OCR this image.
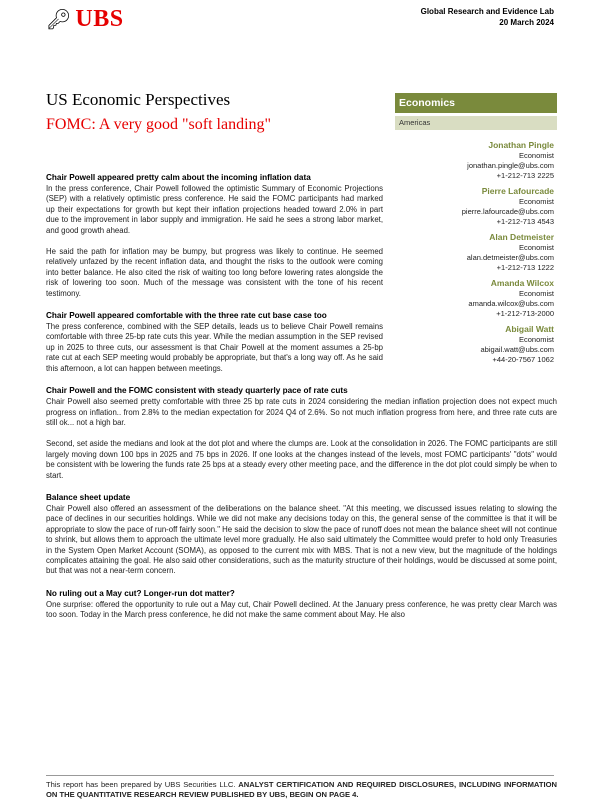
🔑︎ UBS	Global Research and Evidence Lab
20 March 2024
US Economic Perspectives
FOMC: A very good "soft landing"
Economics
Americas
Jonathan Pingle
Economist
jonathan.pingle@ubs.com
+1-212-713 2225
Pierre Lafourcade
Economist
pierre.lafourcade@ubs.com
+1-212-713 4543
Alan Detmeister
Economist
alan.detmeister@ubs.com
+1-212-713 1222
Amanda Wilcox
Economist
amanda.wilcox@ubs.com
+1-212-713-2000
Abigail Watt
Economist
abigail.watt@ubs.com
+44-20-7567 1062
Chair Powell appeared pretty calm about the incoming inflation data

In the press conference, Chair Powell followed the optimistic Summary of Economic Projections (SEP) with a relatively optimistic press conference. He said the FOMC participants had marked up their expectations for growth but kept their inflation projections headed toward 2.0% in part due to the improvement in labor supply and immigration. He said he sees a strong labor market, and good growth ahead.

He said the path for inflation may be bumpy, but progress was likely to continue. He seemed relatively unfazed by the recent inflation data, and thought the risks to the outlook were coming into better balance. He also cited the risk of waiting too long before lowering rates alongside the risk of lowering too soon. Much of the message was consistent with the tone of his recent testimony.

Chair Powell appeared comfortable with the three rate cut base case too

The press conference, combined with the SEP details, leads us to believe Chair Powell remains comfortable with three 25-bp rate cuts this year. While the median assumption in the SEP revised up in 2025 to three cuts, our assessment is that Chair Powell at the moment assumes a 25-bp rate cut at each SEP meeting would probably be appropriate, but that's a long way off. As he said this afternoon, a lot can happen between meetings.

Chair Powell and the FOMC consistent with steady quarterly pace of rate cuts

Chair Powell also seemed pretty comfortable with three 25 bp rate cuts in 2024 considering the median inflation projection does not expect much progress on inflation.. from 2.8% to the median expectation for 2024 Q4 of 2.6%. So not much inflation progress from here, and three rate cuts are still ok... not a high bar.

Second, set aside the medians and look at the dot plot and where the clumps are. Look at the consolidation in 2026. The FOMC participants are still largely moving down 100 bps in 2025 and 75 bps in 2026. If one looks at the changes instead of the levels, most FOMC participants' "dots" would be consistent with be lowering the funds rate 25 bps at a steady every other meeting pace, and the difference in the dot plot could simply be when to start.

Balance sheet update

Chair Powell also offered an assessment of the deliberations on the balance sheet. "At this meeting, we discussed issues relating to slowing the pace of declines in our securities holdings. While we did not make any decisions today on this, the general sense of the committee is that it will be appropriate to slow the pace of run-off fairly soon." He said the decision to slow the pace of runoff does not mean the balance sheet will not continue to shrink, but allows them to approach the ultimate level more gradually. He also said ultimately the Committee would prefer to hold only Treasuries in the System Open Market Account (SOMA), as opposed to the current mix with MBS. That is not a new view, but the magnitude of the holdings complicates attaining the goal. He also said other considerations, such as the maturity structure of their holdings, would be discussed at some point, but that was not a near-term concern.

No ruling out a May cut? Longer-run dot matter?

One surprise: offered the opportunity to rule out a May cut, Chair Powell declined. At the January press conference, he was pretty clear March was too soon. Today in the March press conference, he did not make the same comment about May. He also

This report has been prepared by UBS Securities LLC. ANALYST CERTIFICATION AND REQUIRED DISCLOSURES, INCLUDING INFORMATION ON THE QUANTITATIVE RESEARCH REVIEW PUBLISHED BY UBS, BEGIN ON PAGE 4.
